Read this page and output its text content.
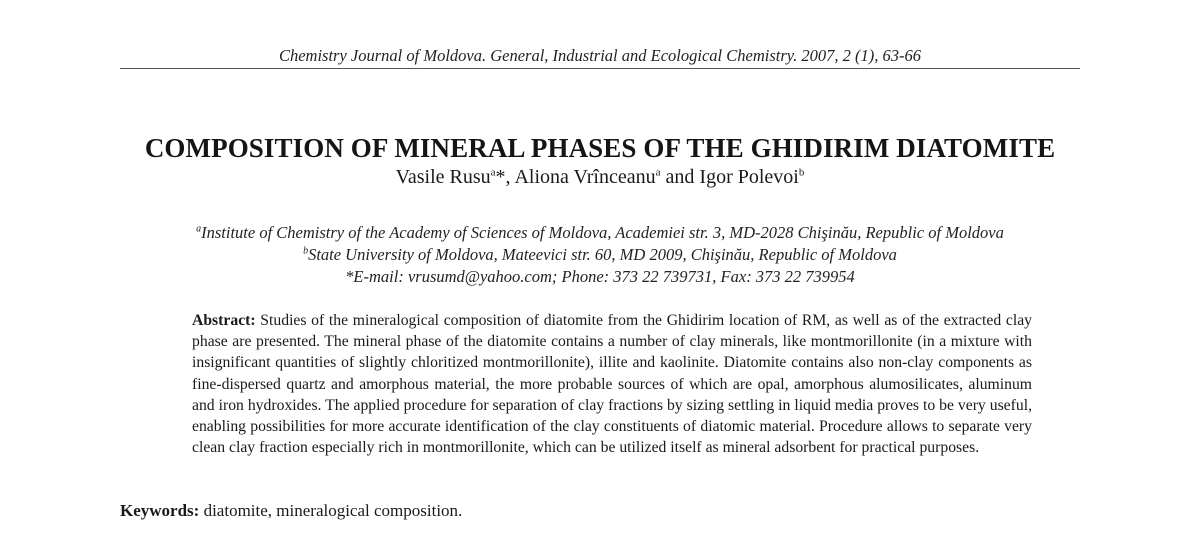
Chemistry Journal of Moldova. General, Industrial and Ecological Chemistry. 2007, 2 (1), 63-66
COMPOSITION OF MINERAL PHASES OF THE GHIDIRIM DIATOMITE
Vasile Rusu$^a$*, Aliona Vrînceanu$^a$ and Igor Polevoi$^b$
$^a$Institute of Chemistry of the Academy of Sciences of Moldova, Academiei str. 3, MD-2028 Chişinău, Republic of Moldova
$^b$State University of Moldova, Mateevici str. 60, MD 2009, Chişinău, Republic of Moldova
*E-mail: vrusumd@yahoo.com; Phone: 373 22 739731, Fax: 373 22 739954

Abstract: Studies of the mineralogical composition of diatomite from the Ghidirim location of RM, as well as of the extracted clay phase are presented. The mineral phase of the diatomite contains a number of clay minerals, like montmorillonite (in a mixture with insignificant quantities of slightly chloritized montmorillonite), illite and kaolinite. Diatomite contains also non-clay components as fine-dispersed quartz and amorphous material, the more probable sources of which are opal, amorphous alumosilicates, aluminum and iron hydroxides. The applied procedure for separation of clay fractions by sizing settling in liquid media proves to be very useful, enabling possibilities for more accurate identification of the clay constituents of diatomic material. Procedure allows to separate very clean clay fraction especially rich in montmorillonite, which can be utilized itself as mineral adsorbent for practical purposes.

Keywords: diatomite, mineralogical composition.
